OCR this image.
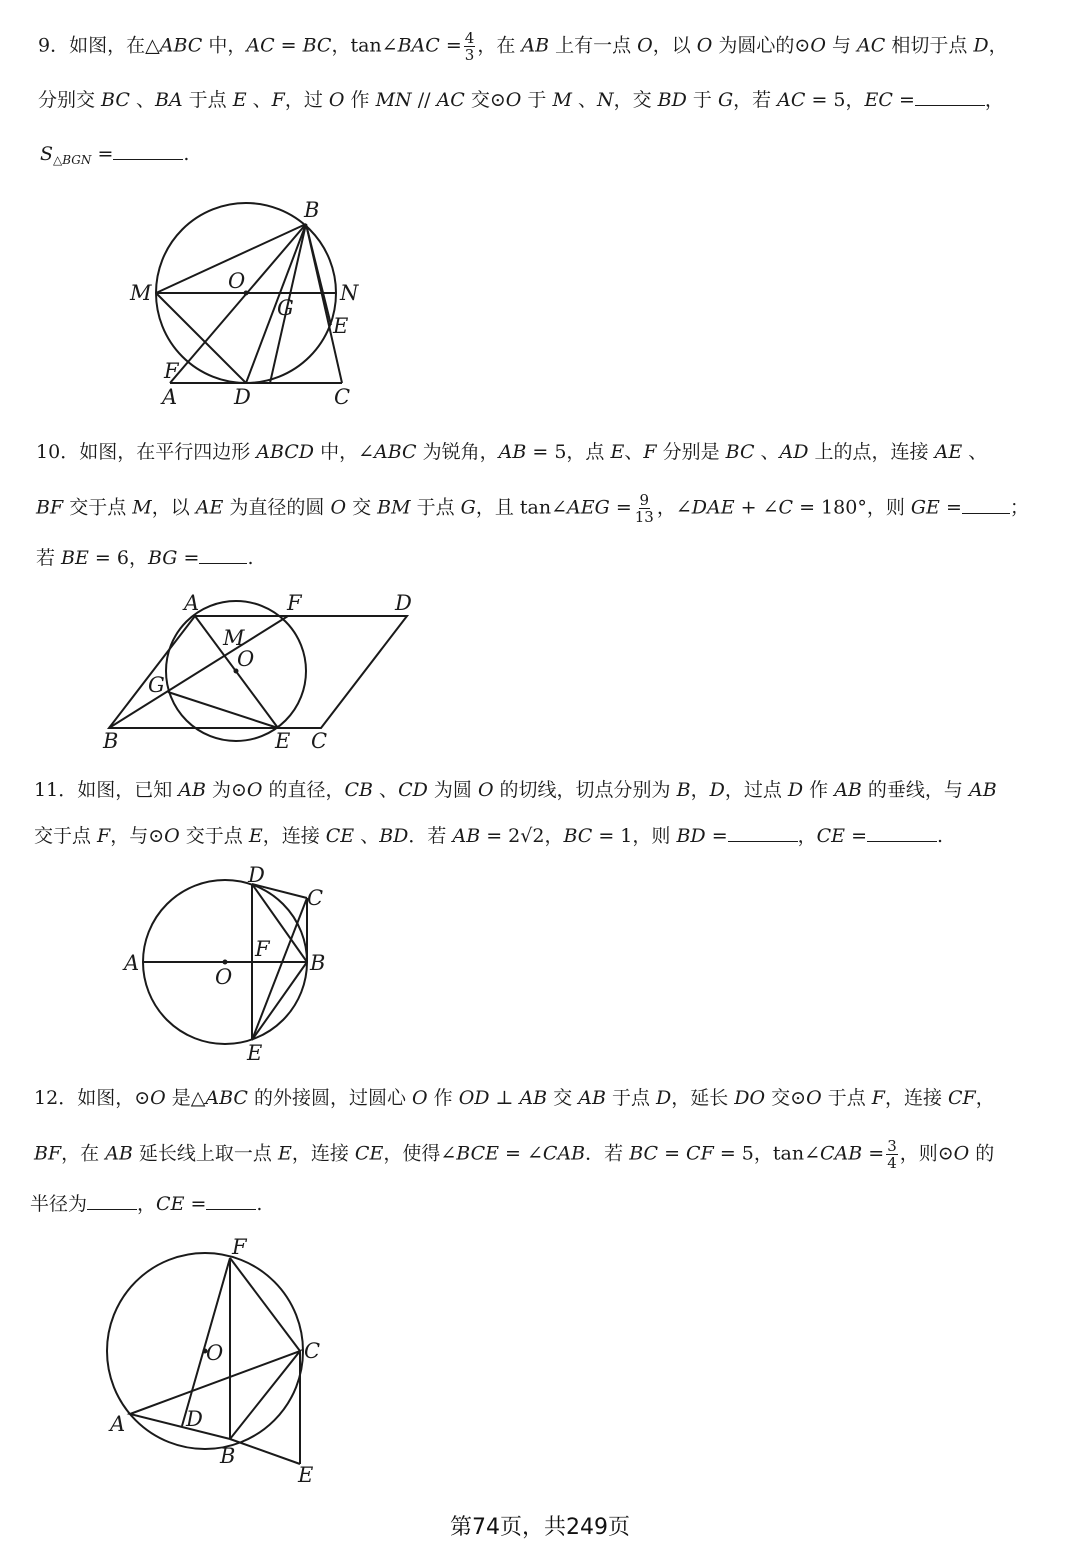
9．如图，在△ABC 中，AC = BC，tan∠BAC = $\frac{4}{3}$ ，在 AB 上有一点 O，以 O 为圆心的⊙O 与 AC 相切于点 D，
分别交 BC 、BA 于点 E 、F，过 O 作 MN // AC 交⊙O 于 M 、N，交 BD 于 G，若 AC = 5，EC =	，
$S_{\triangle BGN}$ =	.
B
M	O	N
G
E
F
A	D	C
10．如图，在平行四边形 ABCD 中，∠ABC 为锐角，AB = 5，点 E、F 分别是 BC 、AD 上的点，连接 AE 、
BF 交于点 M，以 AE 为直径的圆 O 交 BM 于点 G，且 tan∠AEG = $\frac{9}{13}$ ，∠DAE + ∠C = 180°，则 GE =	；
若 BE = 6，BG =	.
A	F	D
M
O
G
B	E C
11．如图，已知 AB 为⊙O 的直径，CB 、CD 为圆 O 的切线，切点分别为 B，D，过点 D 作 AB 的垂线，与 AB
交于点 F，与⊙O 交于点 E，连接 CE 、BD．若 AB = 2√2，BC = 1，则 BD =	，CE =	.
D
C
A
F
B
O
E
12．如图，⊙O 是△ABC 的外接圆，过圆心 O 作 OD ⊥ AB 交 AB 于点 D，延长 DO 交⊙O 于点 F，连接 CF，
BF，在 AB 延长线上取一点 E，连接 CE，使得∠BCE = ∠CAB．若 BC = CF = 5，tan∠CAB = $\frac{3}{4}$ ，则⊙O 的
半径为	，CE =	.
F
O	C
A	D
B
E
第74页，共249页
